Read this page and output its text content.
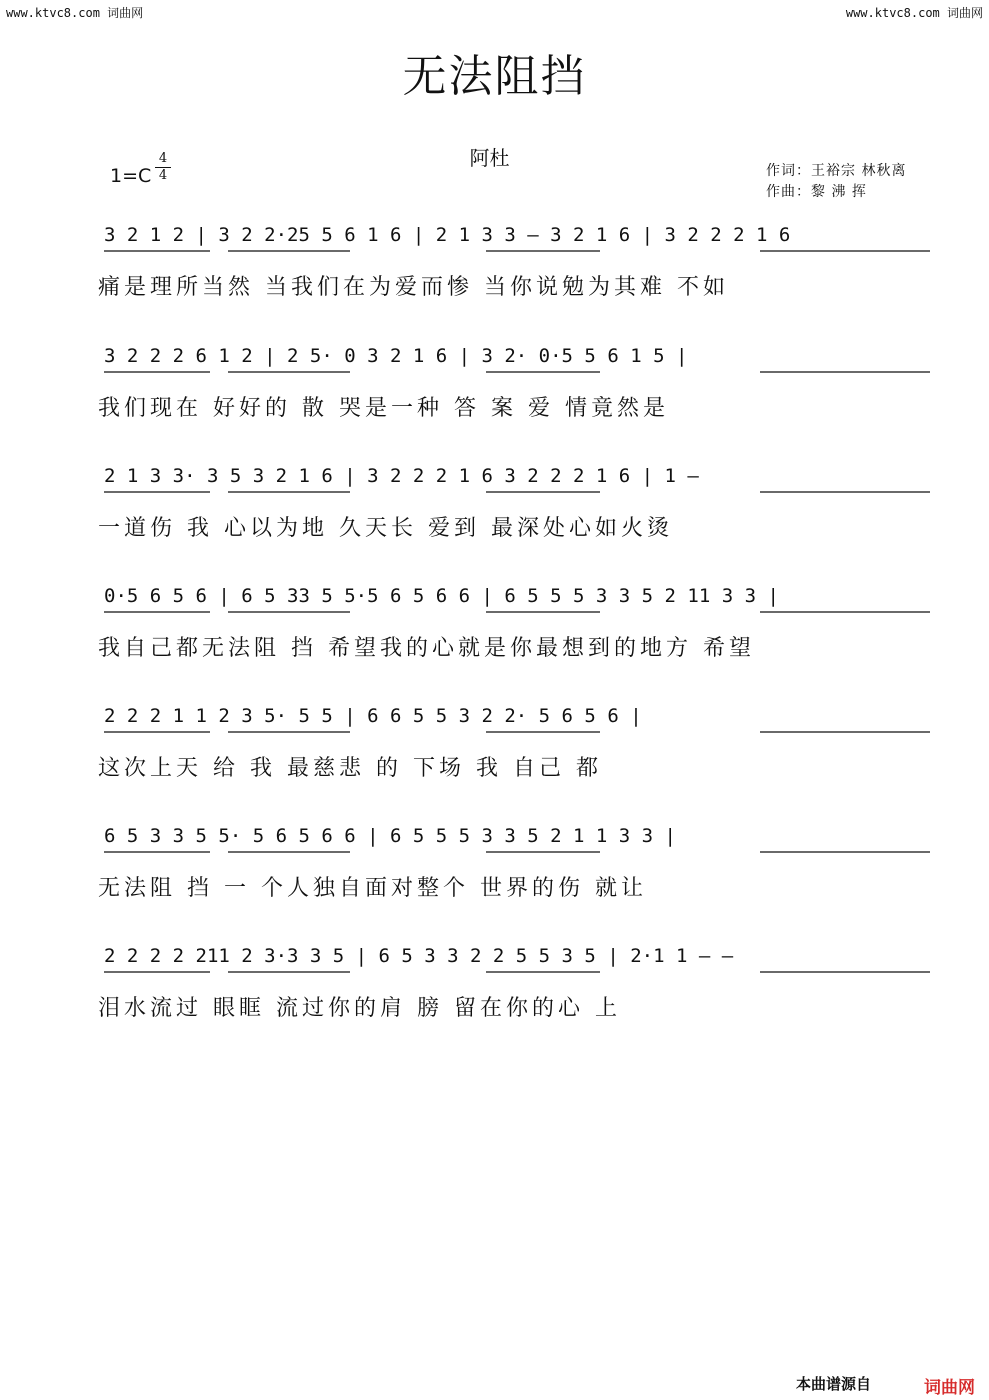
www.ktvc8.com 词曲网	www.ktvc8.com 词曲网
无法阻挡
阿杜
1=C
4
4	作词：王裕宗 林秋离
作曲：黎 沸 挥
3 2 1 2 | 3 2 2·25 5 6 1 6 | 2 1 3 3 – 3 2 1 6 | 3 2 2 2 1 6
痛是理所当然 当我们在为爱而惨 当你说勉为其难 不如
3 2 2 2 6 1 2 | 2 5· 0 3 2 1 6 | 3 2· 0·5 5 6 1 5 |
我们现在 好好的 散 哭是一种 答 案 爱 情竟然是
2 1 3 3· 3 5 3 2 1 6 | 3 2 2 2 1 6 3 2 2 2 1 6 | 1 –
一道伤 我 心以为地 久天长 爱到 最深处心如火烫
0·5 6 5 6 | 6 5 33 5 5·5 6 5 6 6 | 6 5 5 5 3 3 5 2 11 3 3 |
我自己都无法阻 挡 希望我的心就是你最想到的地方 希望
2 2 2 1 1 2 3 5· 5 5 | 6 6 5 5 3 2 2· 5 6 5 6 |
这次上天 给 我 最慈悲 的 下场 我 自己 都
6 5 3 3 5 5· 5 6 5 6 6 | 6 5 5 5 3 3 5 2 1 1 3 3 |
无法阻 挡 一 个人独自面对整个 世界的伤 就让
2 2 2 2 211 2 3·3 3 5 | 6 5 3 3 2 2 5 5 3 5 | 2·1 1 – –
泪水流过 眼眶 流过你的肩 膀 留在你的心 上
本曲谱源自	词曲网
